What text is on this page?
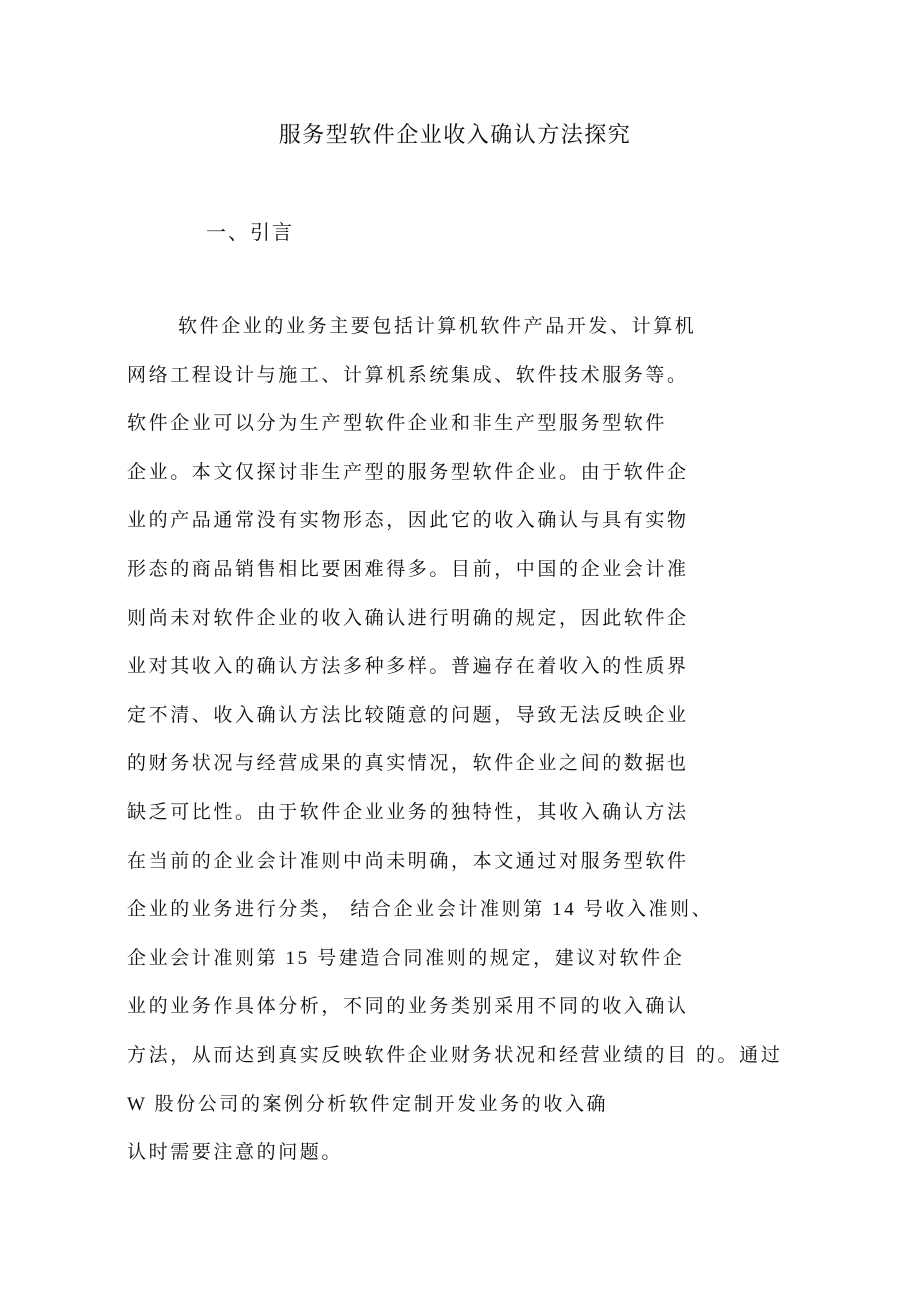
服务型软件企业收入确认方法探究
一、引言
软件企业的业务主要包括计算机软件产品开发、计算机
网络工程设计与施工、计算机系统集成、软件技术服务等。
软件企业可以分为生产型软件企业和非生产型服务型软件
企业。本文仅探讨非生产型的服务型软件企业。由于软件企
业的产品通常没有实物形态，因此它的收入确认与具有实物
形态的商品销售相比要困难得多。目前，中国的企业会计准
则尚未对软件企业的收入确认进行明确的规定，因此软件企
业对其收入的确认方法多种多样。普遍存在着收入的性质界
定不清、收入确认方法比较随意的问题，导致无法反映企业
的财务状况与经营成果的真实情况，软件企业之间的数据也
缺乏可比性。由于软件企业业务的独特性，其收入确认方法
在当前的企业会计准则中尚未明确，本文通过对服务型软件
企业的业务进行分类， 结合企业会计准则第 14 号收入准则、
企业会计准则第 15 号建造合同准则的规定，建议对软件企
业的业务作具体分析，不同的业务类别采用不同的收入确认
方法，从而达到真实反映软件企业财务状况和经营业绩的目 的。通过
W 股份公司的案例分析软件定制开发业务的收入确
认时需要注意的问题。
